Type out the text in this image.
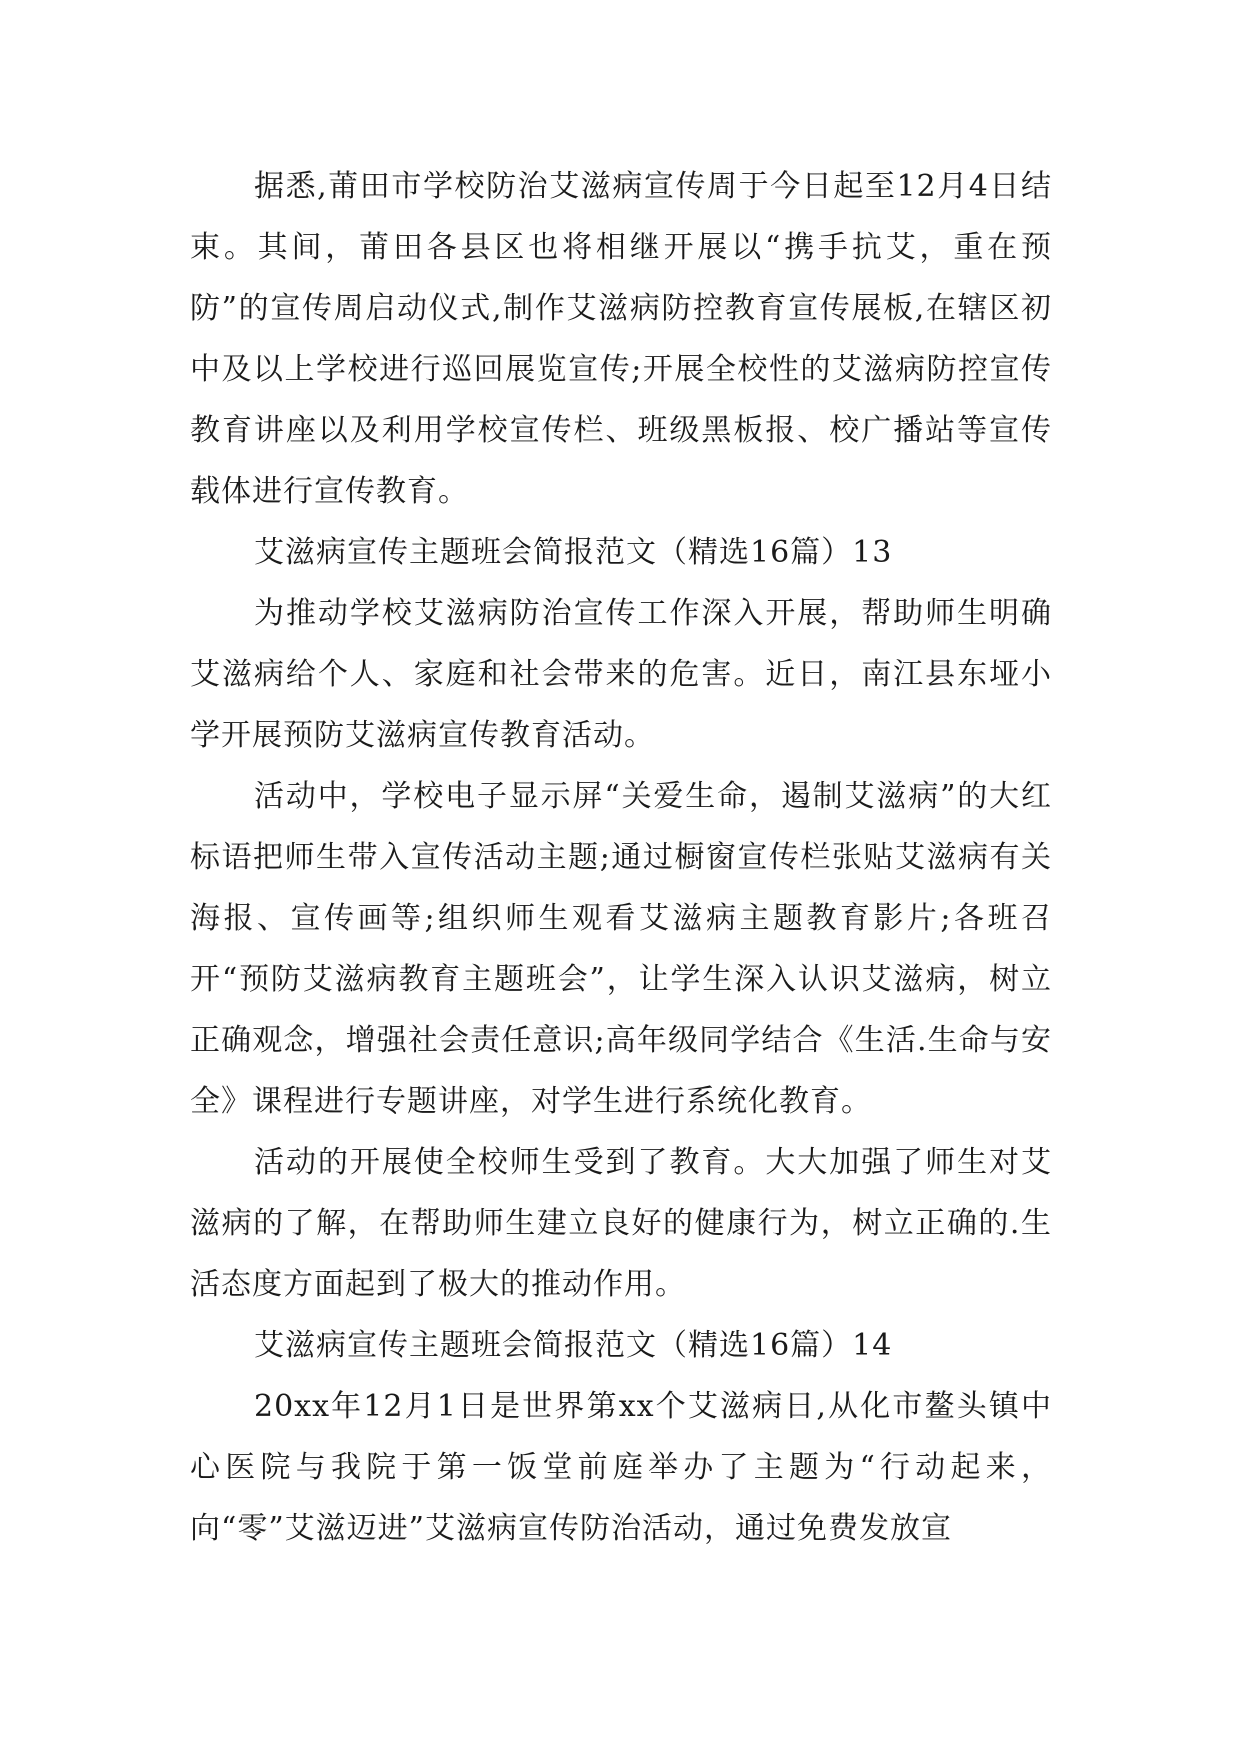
据悉,莆田市学校防治艾滋病宣传周于今日起至12月4日结束。其间，莆田各县区也将相继开展以“携手抗艾，重在预防”的宣传周启动仪式,制作艾滋病防控教育宣传展板,在辖区初中及以上学校进行巡回展览宣传;开展全校性的艾滋病防控宣传教育讲座以及利用学校宣传栏、班级黑板报、校广播站等宣传载体进行宣传教育。

艾滋病宣传主题班会简报范文（精选16篇）13

为推动学校艾滋病防治宣传工作深入开展，帮助师生明确艾滋病给个人、家庭和社会带来的危害。近日，南江县东垭小学开展预防艾滋病宣传教育活动。

活动中，学校电子显示屏“关爱生命，遏制艾滋病”的大红标语把师生带入宣传活动主题;通过橱窗宣传栏张贴艾滋病有关海报、宣传画等;组织师生观看艾滋病主题教育影片;各班召开“预防艾滋病教育主题班会”，让学生深入认识艾滋病，树立正确观念，增强社会责任意识;高年级同学结合《生活.生命与安全》课程进行专题讲座，对学生进行系统化教育。

活动的开展使全校师生受到了教育。大大加强了师生对艾滋病的了解，在帮助师生建立良好的健康行为，树立正确的.生活态度方面起到了极大的推动作用。

艾滋病宣传主题班会简报范文（精选16篇）14

20xx年12月1日是世界第xx个艾滋病日,从化市鳌头镇中心医院与我院于第一饭堂前庭举办了主题为“行动起来，向“零”艾滋迈进”艾滋病宣传防治活动，通过免费发放宣
